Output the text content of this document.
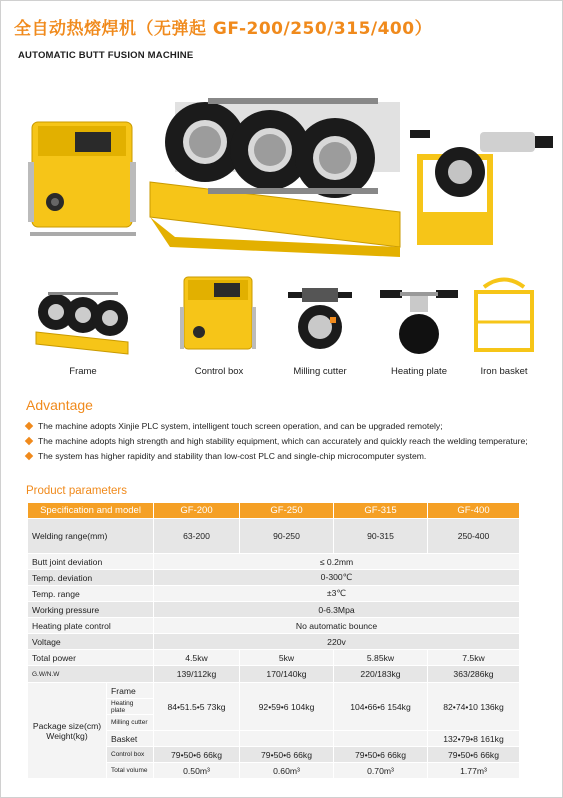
全自动热熔焊机（无弹起 GF-200/250/315/400）
AUTOMATIC BUTT FUSION MACHINE
Frame	Control box	Milling cutter	Heating plate	Iron basket
Advantage
The machine adopts Xinjie PLC system, intelligent touch screen operation, and can be upgraded remotely;
The machine adopts high strength and high stability equipment, which can accurately and quickly reach the welding temperature;
The system has higher rapidity and stability than low-cost PLC and single-chip microcomputer system.
Product parameters
Specification and model		GF-200	GF-250	GF-315	GF-400
Welding range(mm)		63-200	90-250	90-315	250-400
Butt joint deviation		≤ 0.2mm			
Temp. deviation		0-300℃			
Temp. range		±3℃			
Working pressure		0-6.3Mpa			
Heating plate control		No automatic bounce			
Voltage		220v			
Total power		4.5kw	5kw	5.85kw	7.5kw
G.W/N.W		139/112kg	170/140kg	220/183kg	363/286kg
Package size(cm) Weight(kg)	Frame	84•51.5•5 73kg	92•59•6 104kg	104•66•6 154kg	82•74•10 136kg
	Heating plate				
	Milling cutter				
	Basket				132•79•8 161kg
	Control box	79•50•6 66kg	79•50•6 66kg	79•50•6 66kg	79•50•6 66kg
	Total volume	0.50m³	0.60m³	0.70m³	1.77m³
